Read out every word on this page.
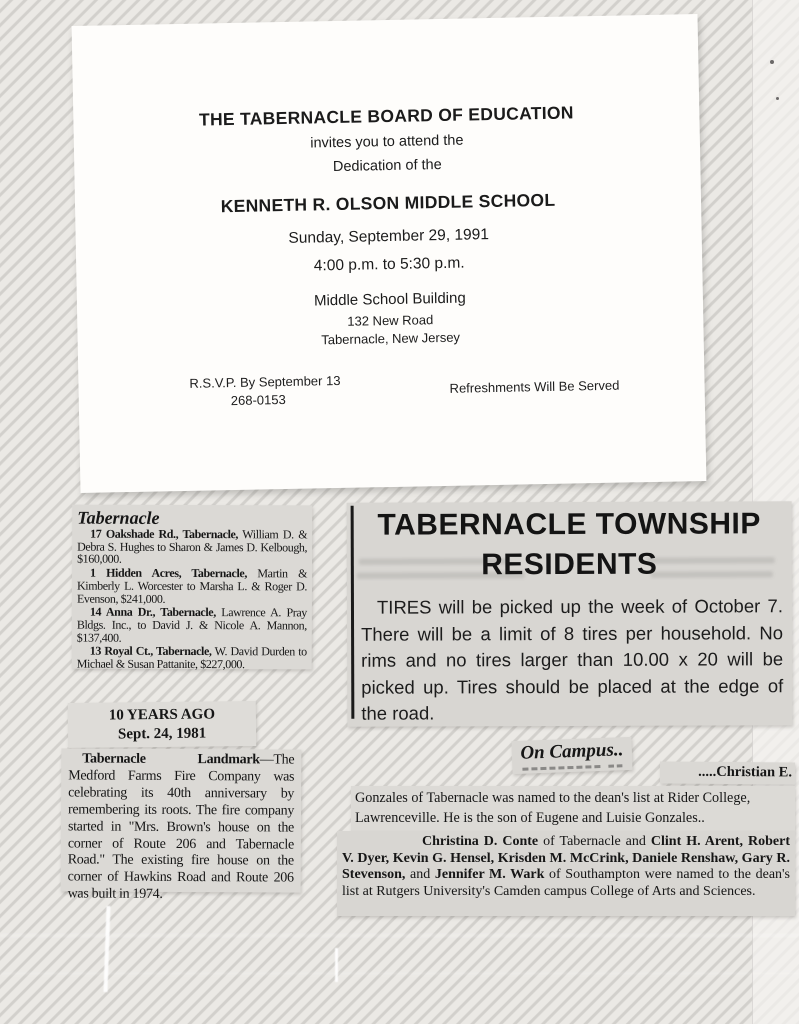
THE TABERNACLE BOARD OF EDUCATION
invites you to attend the
Dedication of the
KENNETH R. OLSON MIDDLE SCHOOL
Sunday, September 29, 1991
4:00 p.m. to 5:30 p.m.
Middle School Building
132 New Road
Tabernacle, New Jersey
R.S.V.P. By September 13
268-0153
Refreshments Will Be Served
Tabernacle

17 Oakshade Rd., Tabernacle, William D. & Debra S. Hughes to Sharon & James D. Kelbough, $160,000.

1 Hidden Acres, Tabernacle, Martin & Kimberly L. Worcester to Marsha L. & Roger D. Evenson, $241,000.

14 Anna Dr., Tabernacle, Lawrence A. Pray Bldgs. Inc., to David J. & Nicole A. Mannon, $137,400.

13 Royal Ct., Tabernacle, W. David Durden to Michael & Susan Pattanite, $227,000.

TABERNACLE TOWNSHIP
RESIDENTS
TIRES will be picked up the week of October 7. There will be a limit of 8 tires per household. No rims and no tires larger than 10.00 x 20 will be picked up. Tires should be placed at the edge of the road.
10 YEARS AGO
Sept. 24, 1981

Tabernacle Landmark—The Medford Farms Fire Company was celebrating its 40th anniversary by remembering its roots. The fire company started in "Mrs. Brown's house on the corner of Route 206 and Tabernacle Road." The existing fire house on the corner of Hawkins Road and Route 206 was built in 1974.

On Campus..
.....Christian E.
Gonzales of Tabernacle was named to the dean's list at Rider College,
Lawrenceville. He is the son of Eugene and Luisie Gonzales..

Christina D. Conte of Tabernacle and Clint H. Arent, Robert V. Dyer, Kevin G. Hensel, Krisden M. McCrink, Daniele Renshaw, Gary R. Stevenson, and Jennifer M. Wark of Southampton were named to the dean's list at Rutgers University's Camden campus College of Arts and Sciences.
